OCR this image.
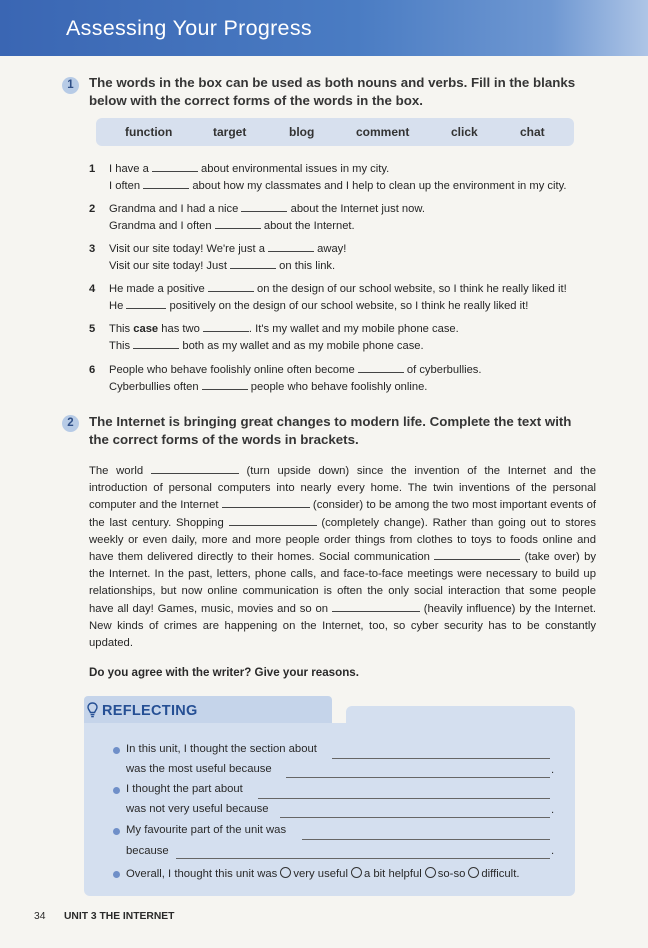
Assessing Your Progress
1	The words in the box can be used as both nouns and verbs. Fill in the blanks
below with the correct forms of the words in the box.
function	target	blog	comment	click	chat
1	I have a	about environmental issues in my city.
I often	about how my classmates and I help to clean up the environment in my city.
2	Grandma and I had a nice	about the Internet just now.
Grandma and I often	about the Internet.
3	Visit our site today! We're just a	away!
Visit our site today! Just	on this link.
4	He made a positive	on the design of our school website, so I think he really liked it!
He	positively on the design of our school website, so I think he really liked it!
5	This case has two	. It's my wallet and my mobile phone case.
This	both as my wallet and as my mobile phone case.
6	People who behave foolishly online often become	of cyberbullies.
Cyberbullies often	people who behave foolishly online.
2	The Internet is bringing great changes to modern life. Complete the text with
the correct forms of the words in brackets.
The world	(turn upside down) since the invention of the Internet and the introduction of personal computers into nearly every home. The twin inventions of the personal computer and the Internet	(consider) to be among the two most important events of the last century. Shopping	(completely change). Rather than going out to stores weekly or even daily, more and more people order things from clothes to toys to foods online and have them delivered directly to their homes. Social communication	(take over) by the Internet. In the past, letters, phone calls, and face-to-face meetings were necessary to build up relationships, but now online communication is often the only social interaction that some people have all day! Games, music, movies and so on	(heavily influence) by the Internet. New kinds of crimes are happening on the Internet, too, so cyber security has to be constantly updated.
Do you agree with the writer? Give your reasons.
REFLECTING
In this unit, I thought the section about
was the most useful because	.
I thought the part about
was not very useful because	.
My favourite part of the unit was
because	.
Overall, I thought this unit was very useful a bit helpful so-so difficult.
34 UNIT 3 THE INTERNET
